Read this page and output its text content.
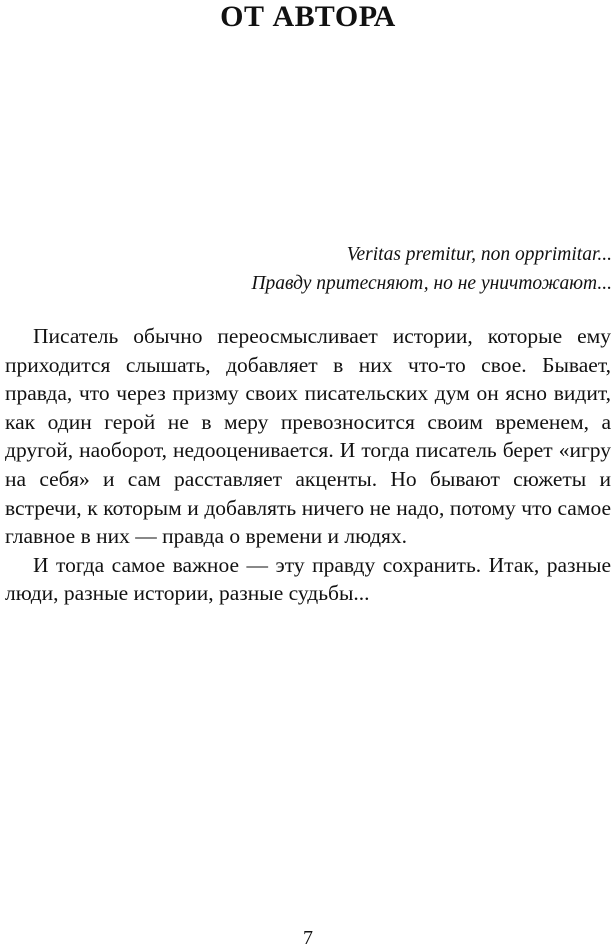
ОТ АВТОРА
Veritas premitur, non opprimitar...
Правду притесняют, но не уничтожают...

Писатель обычно переосмысливает истории, которые ему приходится слышать, добавляет в них что-то свое. Бывает, правда, что через призму своих писательских дум он ясно видит, как один герой не в меру превозносится своим временем, а другой, наоборот, недооценивается. И тогда писатель берет «игру на себя» и сам расставляет акценты. Но бывают сюжеты и встречи, к которым и добавлять ничего не надо, потому что самое главное в них — правда о времени и людях.

И тогда самое важное — эту правду сохранить. Итак, разные люди, разные истории, разные судьбы...

7
